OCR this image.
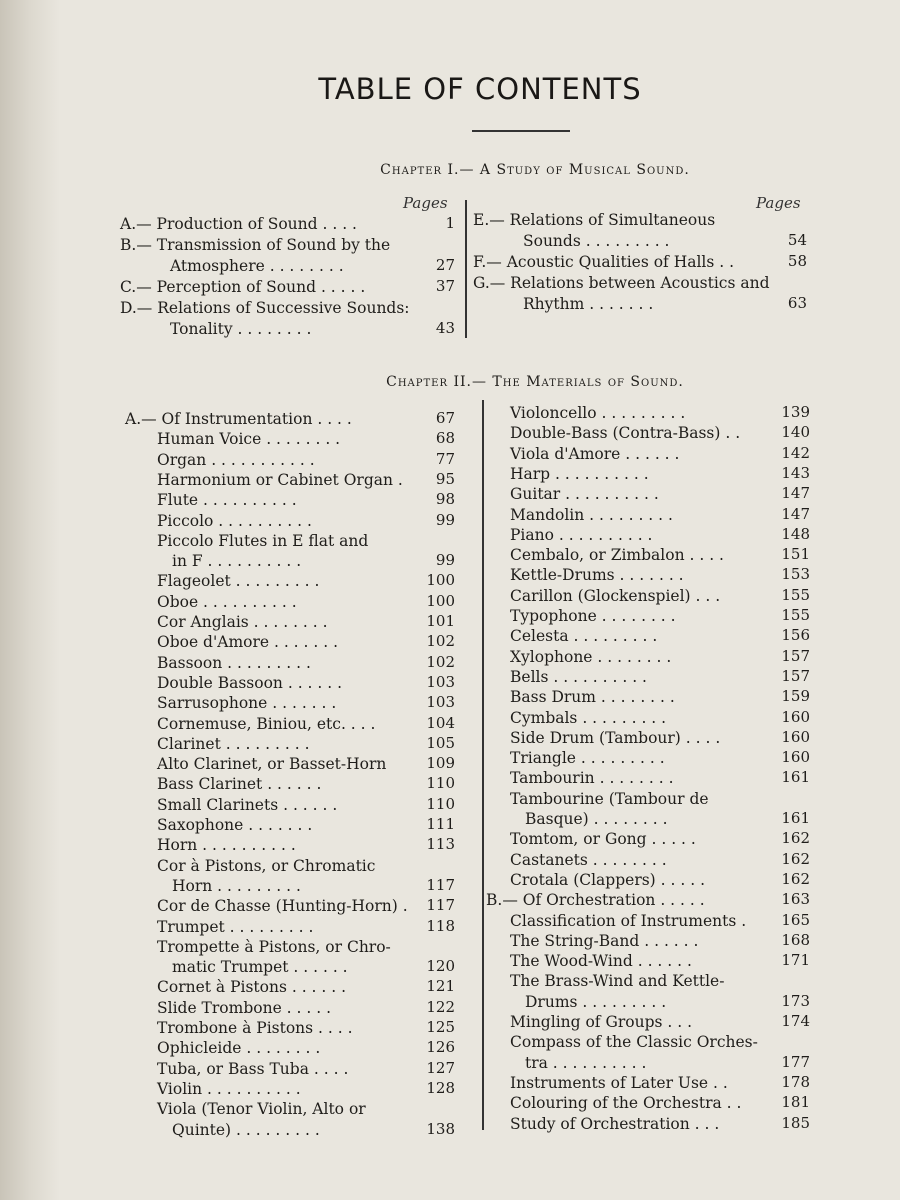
TABLE OF CONTENTS
Chapter I.— A Study of Musical Sound.
Pages	Pages
A.— Production of Sound . . . .	1
B.— Transmission of Sound by the
Atmosphere . . . . . . . .	27
C.— Perception of Sound . . . . .	37
D.— Relations of Successive Sounds:
Tonality . . . . . . . .	43
E.— Relations of Simultaneous
Sounds . . . . . . . . .	54
F.— Acoustic Qualities of Halls . .	58
G.— Relations between Acoustics and
Rhythm . . . . . . .	63
Chapter II.— The Materials of Sound.
A.— Of Instrumentation . . . .	67
Human Voice . . . . . . . .	68
Organ . . . . . . . . . . .	77
Harmonium or Cabinet Organ .	95
Flute . . . . . . . . . .	98
Piccolo . . . . . . . . . .	99
Piccolo Flutes in E flat and
in F . . . . . . . . . .	99
Flageolet . . . . . . . . .	100
Oboe . . . . . . . . . .	100
Cor Anglais . . . . . . . .	101
Oboe d'Amore . . . . . . .	102
Bassoon . . . . . . . . .	102
Double Bassoon . . . . . .	103
Sarrusophone . . . . . . .	103
Cornemuse, Biniou, etc. . . .	104
Clarinet . . . . . . . . .	105
Alto Clarinet, or Basset-Horn	109
Bass Clarinet . . . . . .	110
Small Clarinets . . . . . .	110
Saxophone . . . . . . .	111
Horn . . . . . . . . . .	113
Cor à Pistons, or Chromatic
Horn . . . . . . . . .	117
Cor de Chasse (Hunting-Horn) .	117
Trumpet . . . . . . . . .	118
Trompette à Pistons, or Chro-
matic Trumpet . . . . . .	120
Cornet à Pistons . . . . . .	121
Slide Trombone . . . . .	122
Trombone à Pistons . . . .	125
Ophicleide . . . . . . . .	126
Tuba, or Bass Tuba . . . .	127
Violin . . . . . . . . . .	128
Viola (Tenor Violin, Alto or
Quinte) . . . . . . . . .	138
Violoncello . . . . . . . . .	139
Double-Bass (Contra-Bass) . .	140
Viola d'Amore . . . . . .	142
Harp . . . . . . . . . .	143
Guitar . . . . . . . . . .	147
Mandolin . . . . . . . . .	147
Piano . . . . . . . . . .	148
Cembalo, or Zimbalon . . . .	151
Kettle-Drums . . . . . . .	153
Carillon (Glockenspiel) . . .	155
Typophone . . . . . . . .	155
Celesta . . . . . . . . .	156
Xylophone . . . . . . . .	157
Bells . . . . . . . . . .	157
Bass Drum . . . . . . . .	159
Cymbals . . . . . . . . .	160
Side Drum (Tambour) . . . .	160
Triangle . . . . . . . . .	160
Tambourin . . . . . . . .	161
Tambourine (Tambour de
Basque) . . . . . . . .	161
Tomtom, or Gong . . . . .	162
Castanets . . . . . . . .	162
Crotala (Clappers) . . . . .	162
B.— Of Orchestration . . . . .	163
Classification of Instruments .	165
The String-Band . . . . . .	168
The Wood-Wind . . . . . .	171
The Brass-Wind and Kettle-
Drums . . . . . . . . .	173
Mingling of Groups . . .	174
Compass of the Classic Orches-
tra . . . . . . . . . .	177
Instruments of Later Use . .	178
Colouring of the Orchestra . .	181
Study of Orchestration . . .	185
